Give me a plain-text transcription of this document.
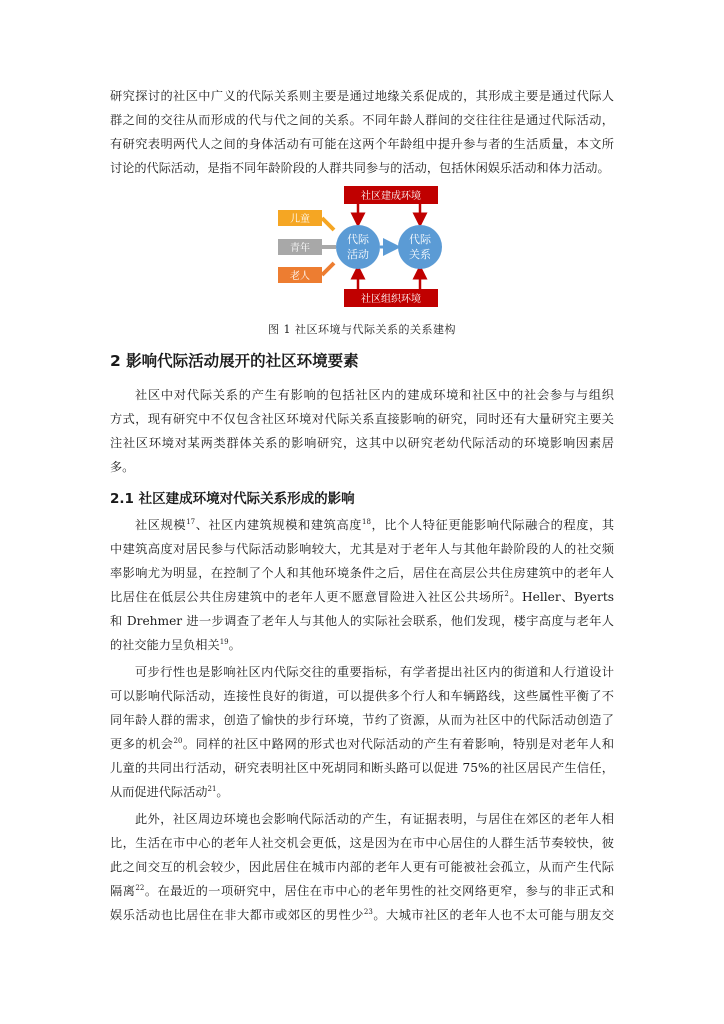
研究探讨的社区中广义的代际关系则主要是通过地缘关系促成的，其形成主要是通过代际人
群之间的交往从而形成的代与代之间的关系。不同年龄人群间的交往往往是通过代际活动，
有研究表明两代人之间的身体活动有可能在这两个年龄组中提升参与者的生活质量，本文所
讨论的代际活动，是指不同年龄阶段的人群共同参与的活动，包括休闲娱乐活动和体力活动。
社区建成环境
社区组织环境
儿童
青年
老人
代际
活动
代际
关系

图 1 社区环境与代际关系的关系建构

2 影响代际活动展开的社区环境要素
社区中对代际关系的产生有影响的包括社区内的建成环境和社区中的社会参与与组织
方式，现有研究中不仅包含社区环境对代际关系直接影响的研究，同时还有大量研究主要关
注社区环境对某两类群体关系的影响研究，这其中以研究老幼代际活动的环境影响因素居
多。
2.1 社区建成环境对代际关系形成的影响
社区规模$^{17}$、社区内建筑规模和建筑高度$^{18}$，比个人特征更能影响代际融合的程度，其
中建筑高度对居民参与代际活动影响较大，尤其是对于老年人与其他年龄阶段的人的社交频
率影响尤为明显，在控制了个人和其他环境条件之后，居住在高层公共住房建筑中的老年人
比居住在低层公共住房建筑中的老年人更不愿意冒险进入社区公共场所$^2$。Heller、Byerts
和 Drehmer 进一步调查了老年人与其他人的实际社会联系，他们发现，楼宇高度与老年人
的社交能力呈负相关$^{19}$。
可步行性也是影响社区内代际交往的重要指标，有学者提出社区内的街道和人行道设计
可以影响代际活动，连接性良好的街道，可以提供多个行人和车辆路线，这些属性平衡了不
同年龄人群的需求，创造了愉快的步行环境，节约了资源，从而为社区中的代际活动创造了
更多的机会$^{20}$。同样的社区中路网的形式也对代际活动的产生有着影响，特别是对老年人和
儿童的共同出行活动，研究表明社区中死胡同和断头路可以促进 75%的社区居民产生信任，
从而促进代际活动$^{21}$。
此外，社区周边环境也会影响代际活动的产生，有证据表明，与居住在郊区的老年人相
比，生活在市中心的老年人社交机会更低，这是因为在市中心居住的人群生活节奏较快，彼
此之间交互的机会较少，因此居住在城市内部的老年人更有可能被社会孤立，从而产生代际
隔离$^{22}$。在最近的一项研究中，居住在市中心的老年男性的社交网络更窄，参与的非正式和
娱乐活动也比居住在非大都市或郊区的男性少$^{23}$。大城市社区的老年人也不太可能与朋友交
